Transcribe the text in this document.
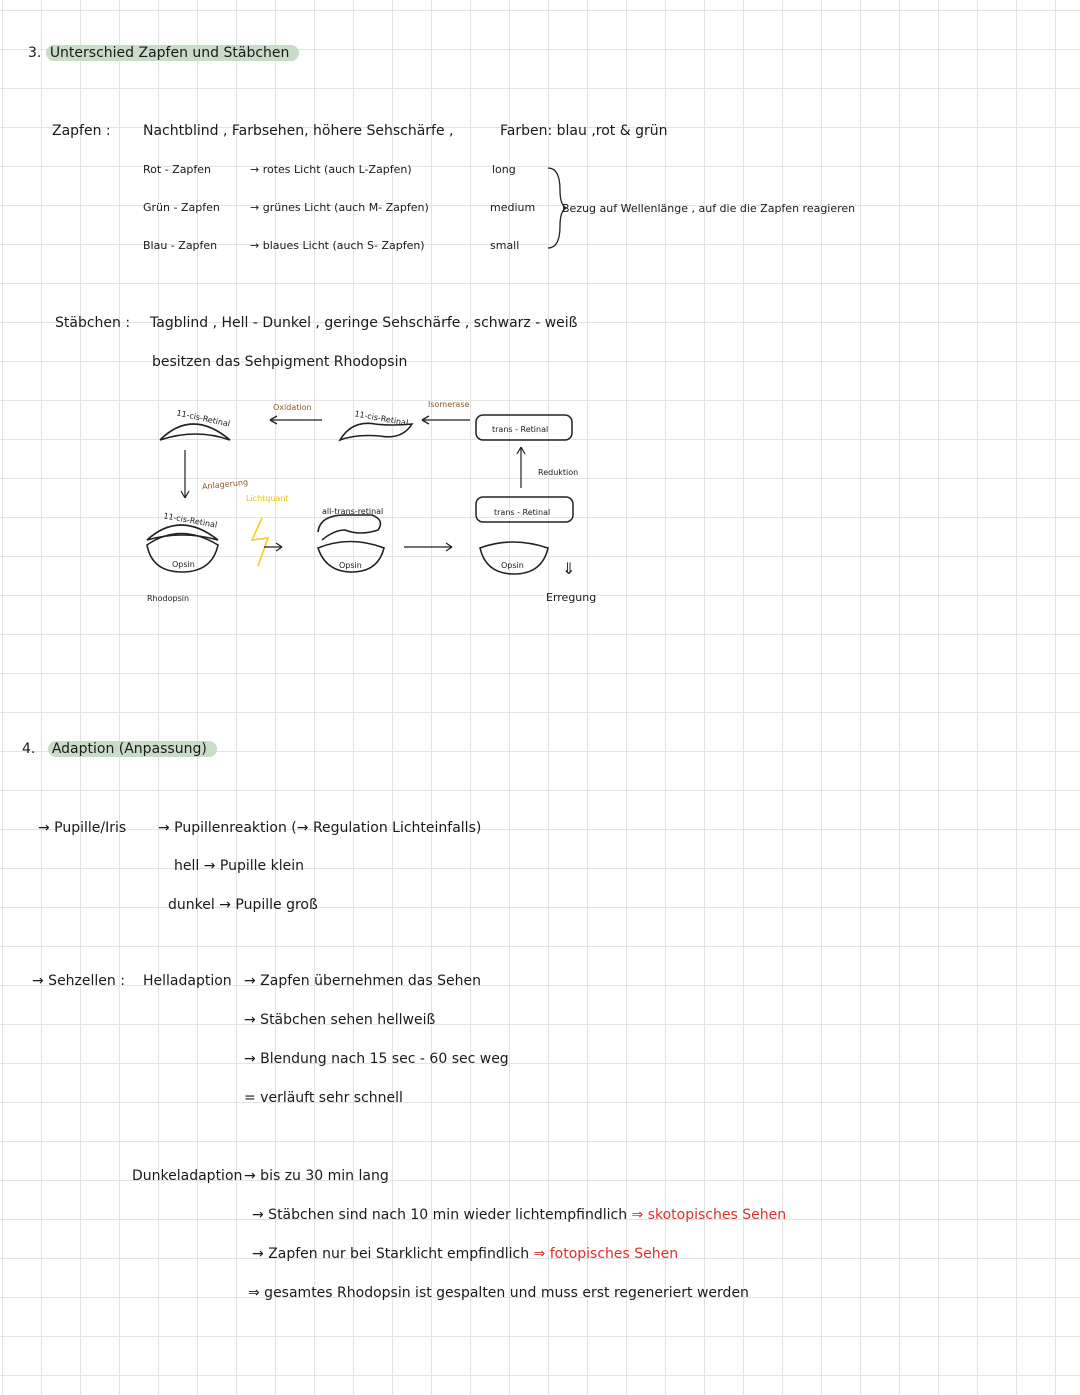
3. Unterschied Zapfen und Stäbchen
Zapfen : Nachtblind , Farbsehen, höhere Sehschärfe ,	Farben: blau ,rot & grün
Rot - Zapfen	→ rotes Licht (auch L-Zapfen)	long
Grün - Zapfen	→ grünes Licht (auch M- Zapfen)	medium
Blau - Zapfen	→ blaues Licht (auch S- Zapfen)	small
Bezug auf Wellenlänge , auf die die Zapfen reagieren
Stäbchen : Tagblind , Hell - Dunkel , geringe Sehschärfe , schwarz - weiß
besitzen das Sehpigment Rhodopsin
11-cis-Retinal
Oxidation
11-cis-Retinal
Isomerase
trans - Retinal
Reduktion
Anlagerung
Lichtquant
all-trans-retinal	trans - Retinal
11-cis-Retinal
Opsin	Opsin	Opsin ⇓
Rhodopsin	Erregung
4. Adaption (Anpassung)
→ Pupille/Iris → Pupillenreaktion (→ Regulation Lichteinfalls)
hell → Pupille klein
dunkel → Pupille groß
→ Sehzellen : Helladaption → Zapfen übernehmen das Sehen
→ Stäbchen sehen hellweiß
→ Blendung nach 15 sec - 60 sec weg
= verläuft sehr schnell
Dunkeladaption → bis zu 30 min lang
→ Stäbchen sind nach 10 min wieder lichtempfindlich ⇒ skotopisches Sehen
→ Zapfen nur bei Starklicht empfindlich ⇒ fotopisches Sehen
⇒ gesamtes Rhodopsin ist gespalten und muss erst regeneriert werden
